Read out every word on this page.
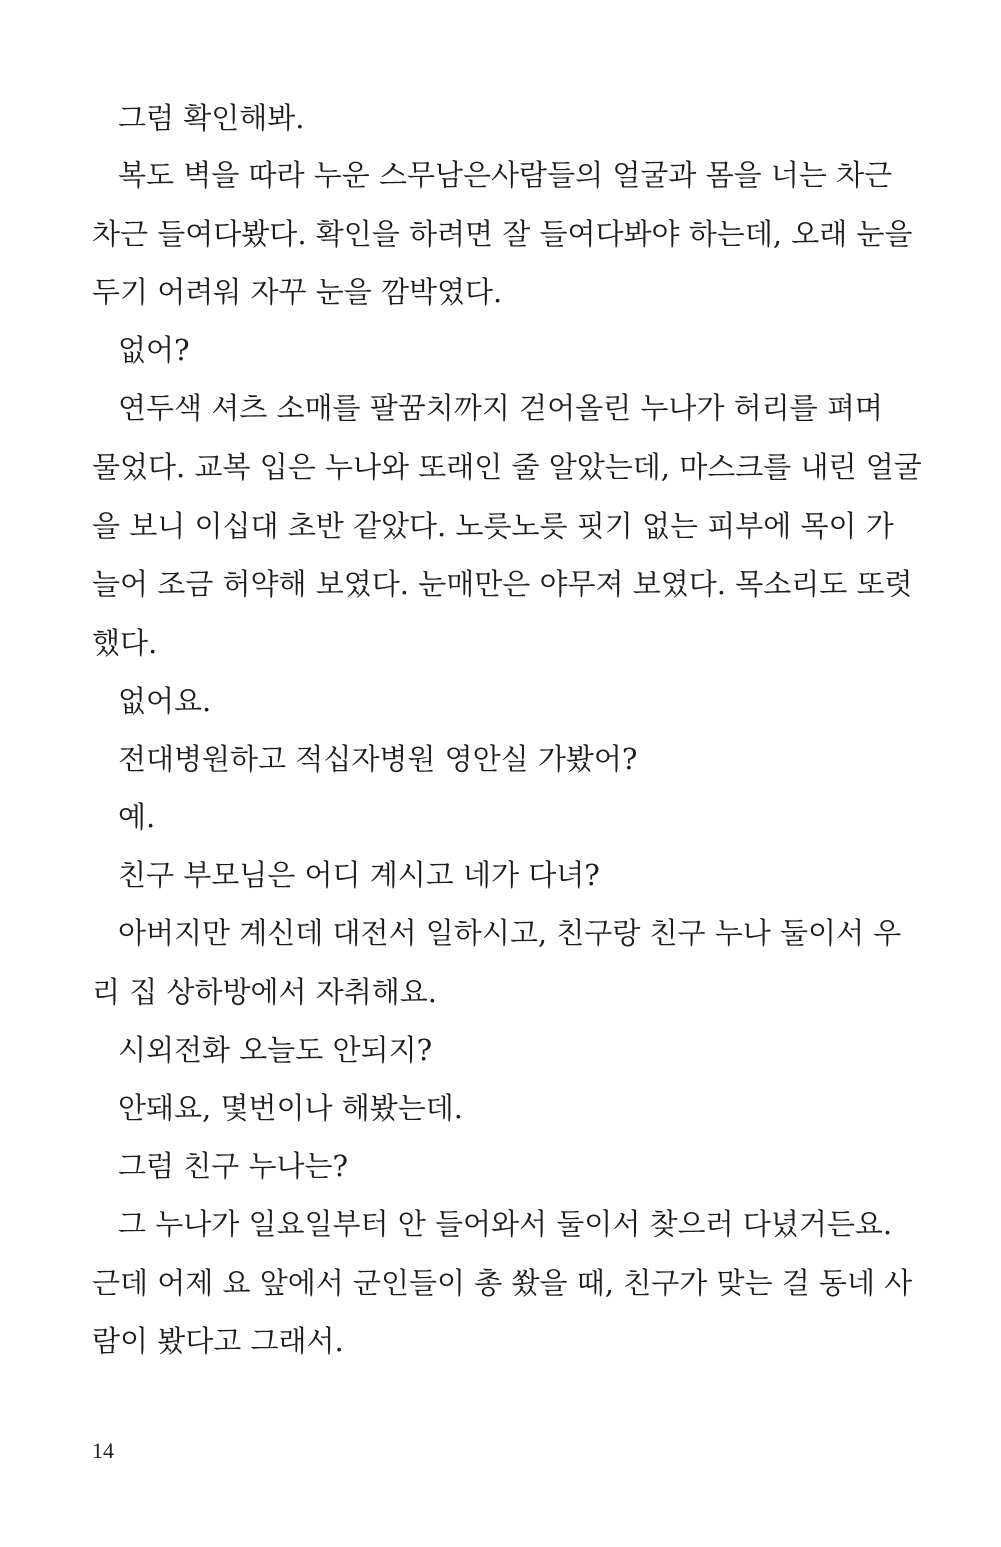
그럼 확인해봐.
복도 벽을 따라 누운 스무남은사람들의 얼굴과 몸을 너는 차근
차근 들여다봤다. 확인을 하려면 잘 들여다봐야 하는데, 오래 눈을
두기 어려워 자꾸 눈을 깜박였다.
없어?
연두색 셔츠 소매를 팔꿈치까지 걷어올린 누나가 허리를 펴며
물었다. 교복 입은 누나와 또래인 줄 알았는데, 마스크를 내린 얼굴
을 보니 이십대 초반 같았다. 노릇노릇 핏기 없는 피부에 목이 가
늘어 조금 허약해 보였다. 눈매만은 야무져 보였다. 목소리도 또렷
했다.
없어요.
전대병원하고 적십자병원 영안실 가봤어?
예.
친구 부모님은 어디 계시고 네가 다녀?
아버지만 계신데 대전서 일하시고, 친구랑 친구 누나 둘이서 우
리 집 상하방에서 자취해요.
시외전화 오늘도 안되지?
안돼요, 몇번이나 해봤는데.
그럼 친구 누나는?
그 누나가 일요일부터 안 들어와서 둘이서 찾으러 다녔거든요.
근데 어제 요 앞에서 군인들이 총 쐈을 때, 친구가 맞는 걸 동네 사
람이 봤다고 그래서.
14
